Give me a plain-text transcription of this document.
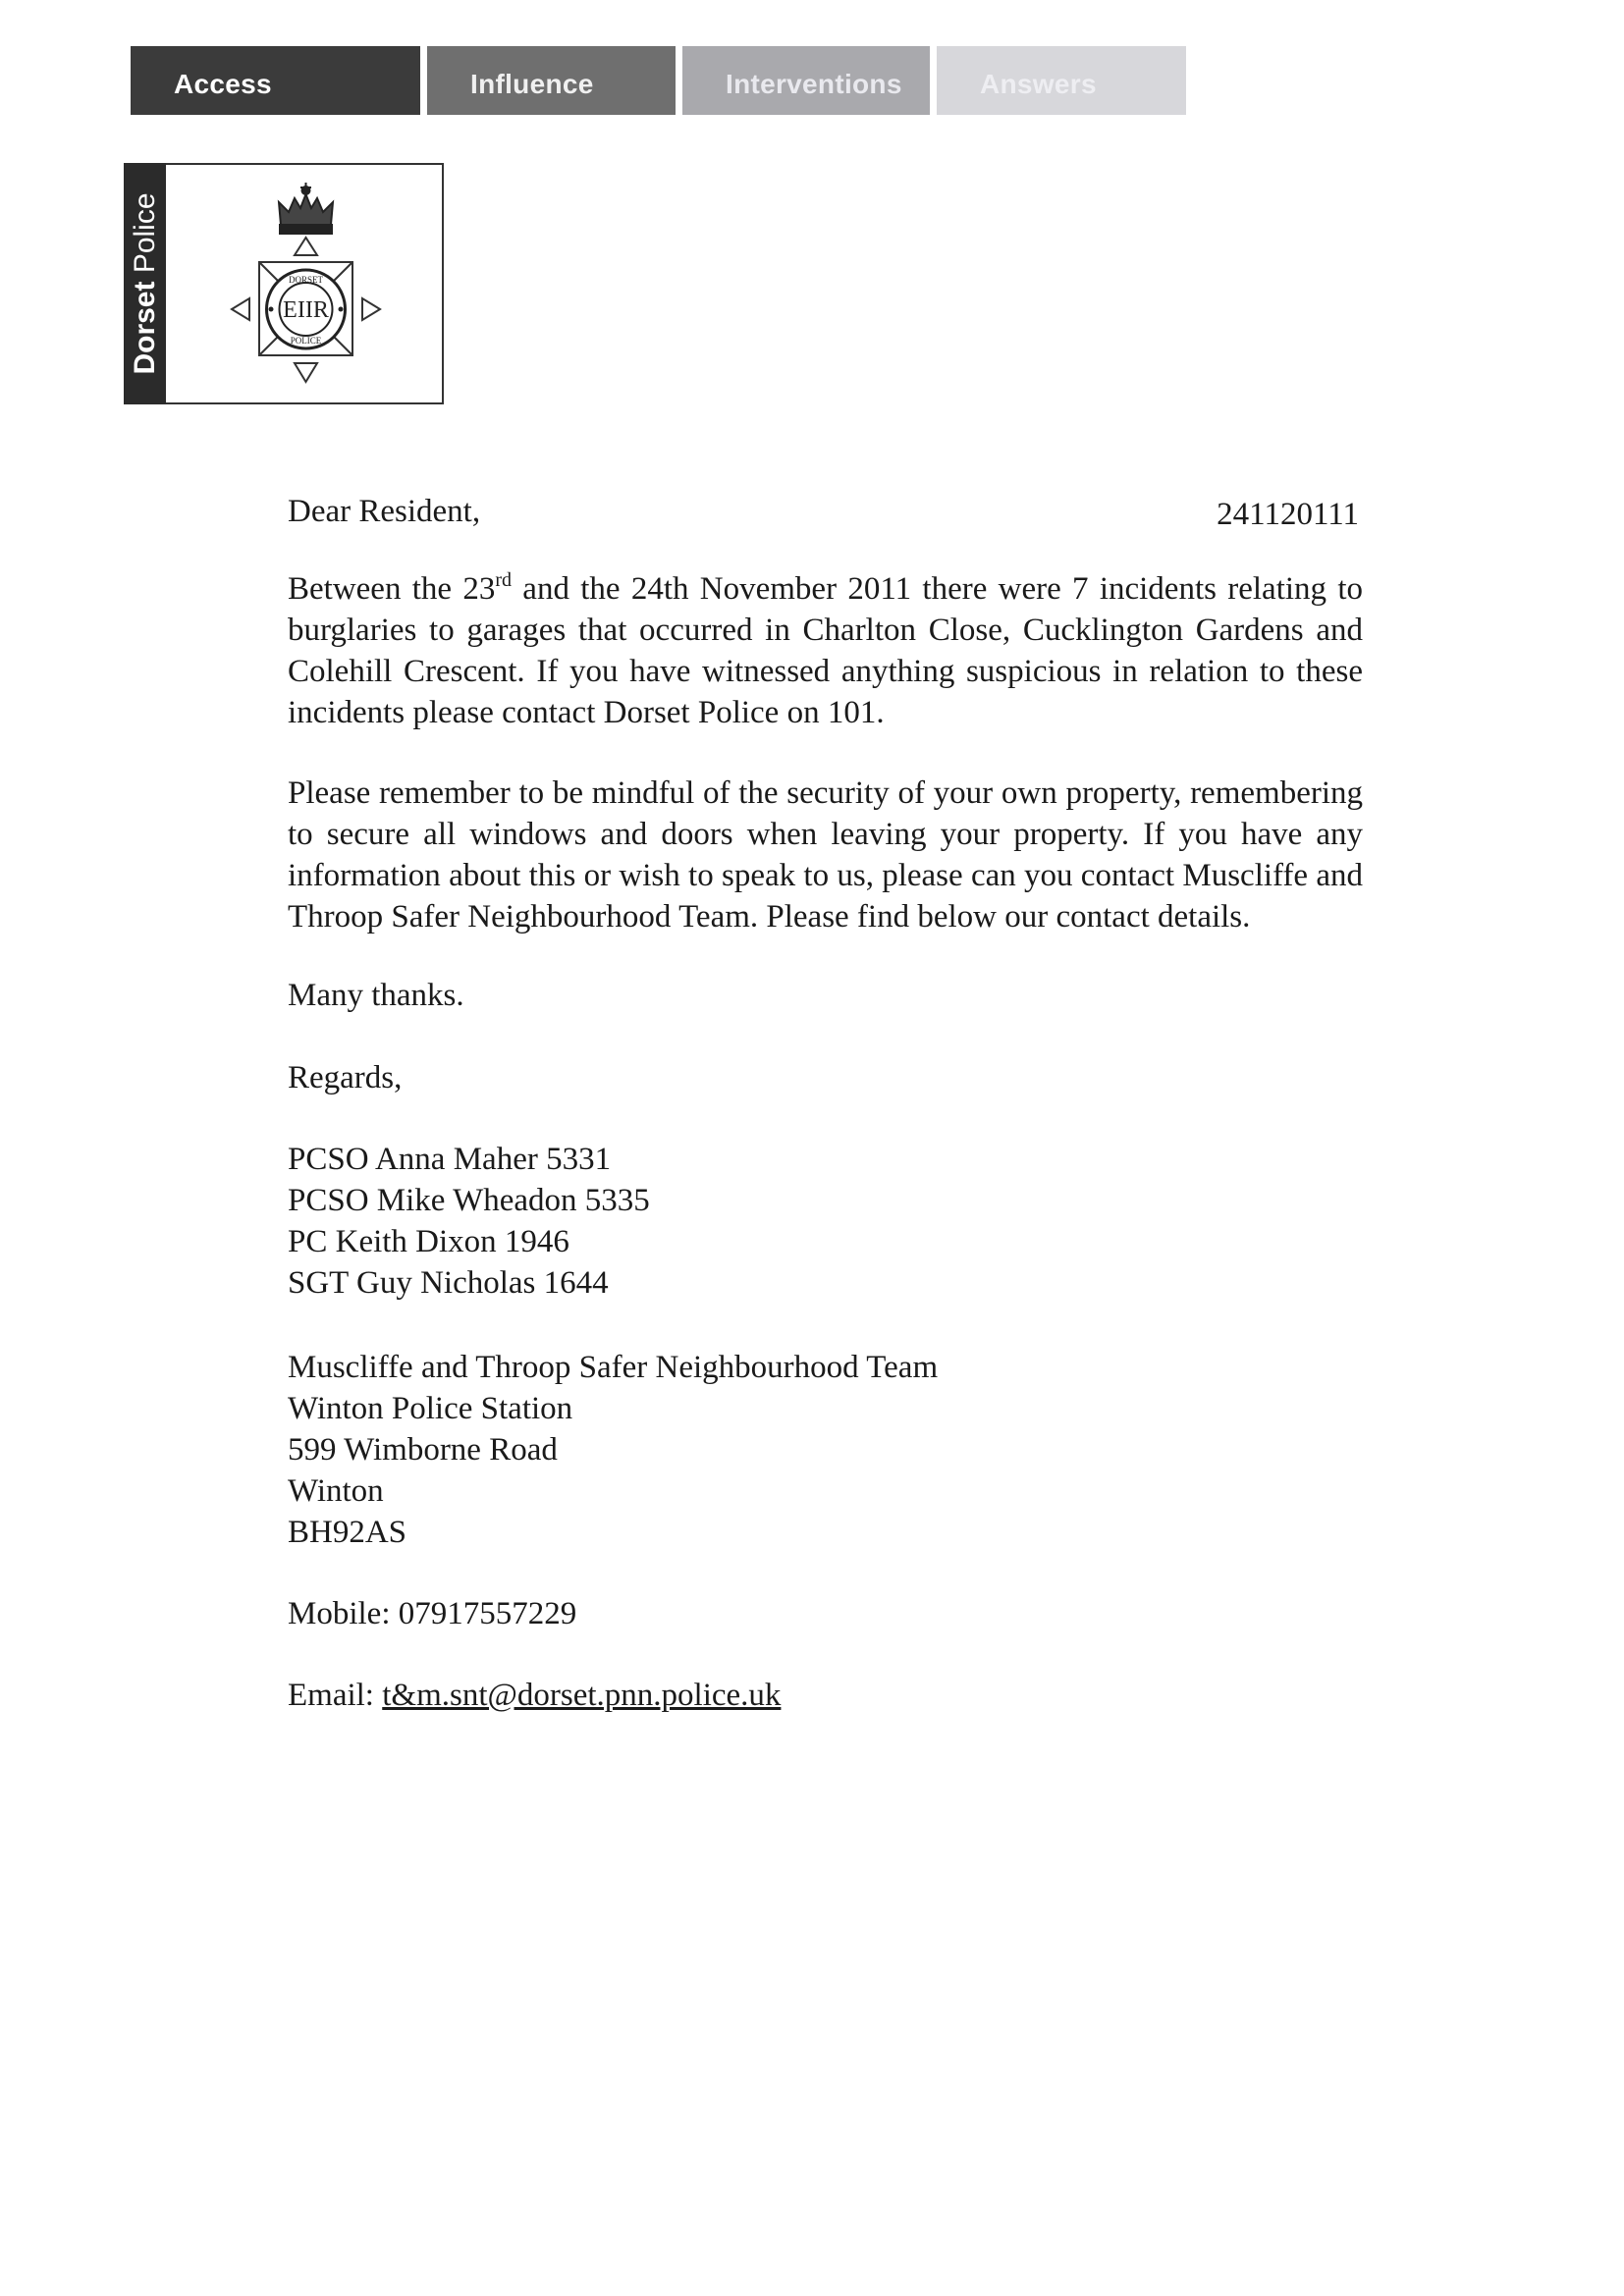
Access	Influence	Interventions	Answers
Dorset Police	DORSET
POLICE
EIIR
Dear Resident,	241120111

Between the 23rd and the 24th November 2011 there were 7 incidents relating to burglaries to garages that occurred in Charlton Close, Cucklington Gardens and Colehill Crescent. If you have witnessed anything suspicious in relation to these incidents please contact Dorset Police on 101.

Please remember to be mindful of the security of your own property, remembering to secure all windows and doors when leaving your property. If you have any information about this or wish to speak to us, please can you contact Muscliffe and Throop Safer Neighbourhood Team. Please find below our contact details.

Many thanks.
Regards,
PCSO Anna Maher 5331
PCSO Mike Wheadon 5335
PC Keith Dixon 1946
SGT Guy Nicholas 1644
Muscliffe and Throop Safer Neighbourhood Team
Winton Police Station
599 Wimborne Road
Winton
BH92AS
Mobile: 07917557229
Email: t&m.snt@dorset.pnn.police.uk
